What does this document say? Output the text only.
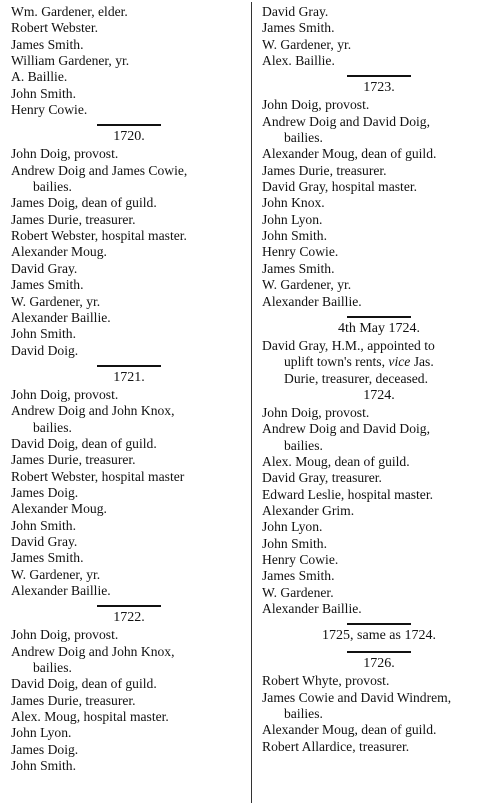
Wm. Gardener, elder.
Robert Webster.
James Smith.
William Gardener, yr.
A. Baillie.
John Smith.
Henry Cowie.
1720.
John Doig, provost.
Andrew Doig and James Cowie,
bailies.
James Doig, dean of guild.
James Durie, treasurer.
Robert Webster, hospital master.
Alexander Moug.
David Gray.
James Smith.
W. Gardener, yr.
Alexander Baillie.
John Smith.
David Doig.
1721.
John Doig, provost.
Andrew Doig and John Knox,
bailies.
David Doig, dean of guild.
James Durie, treasurer.
Robert Webster, hospital master
James Doig.
Alexander Moug.
John Smith.
David Gray.
James Smith.
W. Gardener, yr.
Alexander Baillie.
1722.
John Doig, provost.
Andrew Doig and John Knox,
bailies.
David Doig, dean of guild.
James Durie, treasurer.
Alex. Moug, hospital master.
John Lyon.
James Doig.
John Smith.
David Gray.
James Smith.
W. Gardener, yr.
Alex. Baillie.
1723.
John Doig, provost.
Andrew Doig and David Doig,
bailies.
Alexander Moug, dean of guild.
James Durie, treasurer.
David Gray, hospital master.
John Knox.
John Lyon.
John Smith.
Henry Cowie.
James Smith.
W. Gardener, yr.
Alexander Baillie.
4th May 1724.
David Gray, H.M., appointed to
uplift town's rents, vice Jas.
Durie, treasurer, deceased.
1724.
John Doig, provost.
Andrew Doig and David Doig,
bailies.
Alex. Moug, dean of guild.
David Gray, treasurer.
Edward Leslie, hospital master.
Alexander Grim.
John Lyon.
John Smith.
Henry Cowie.
James Smith.
W. Gardener.
Alexander Baillie.
1725, same as 1724.
1726.
Robert Whyte, provost.
James Cowie and David Windrem,
bailies.
Alexander Moug, dean of guild.
Robert Allardice, treasurer.
